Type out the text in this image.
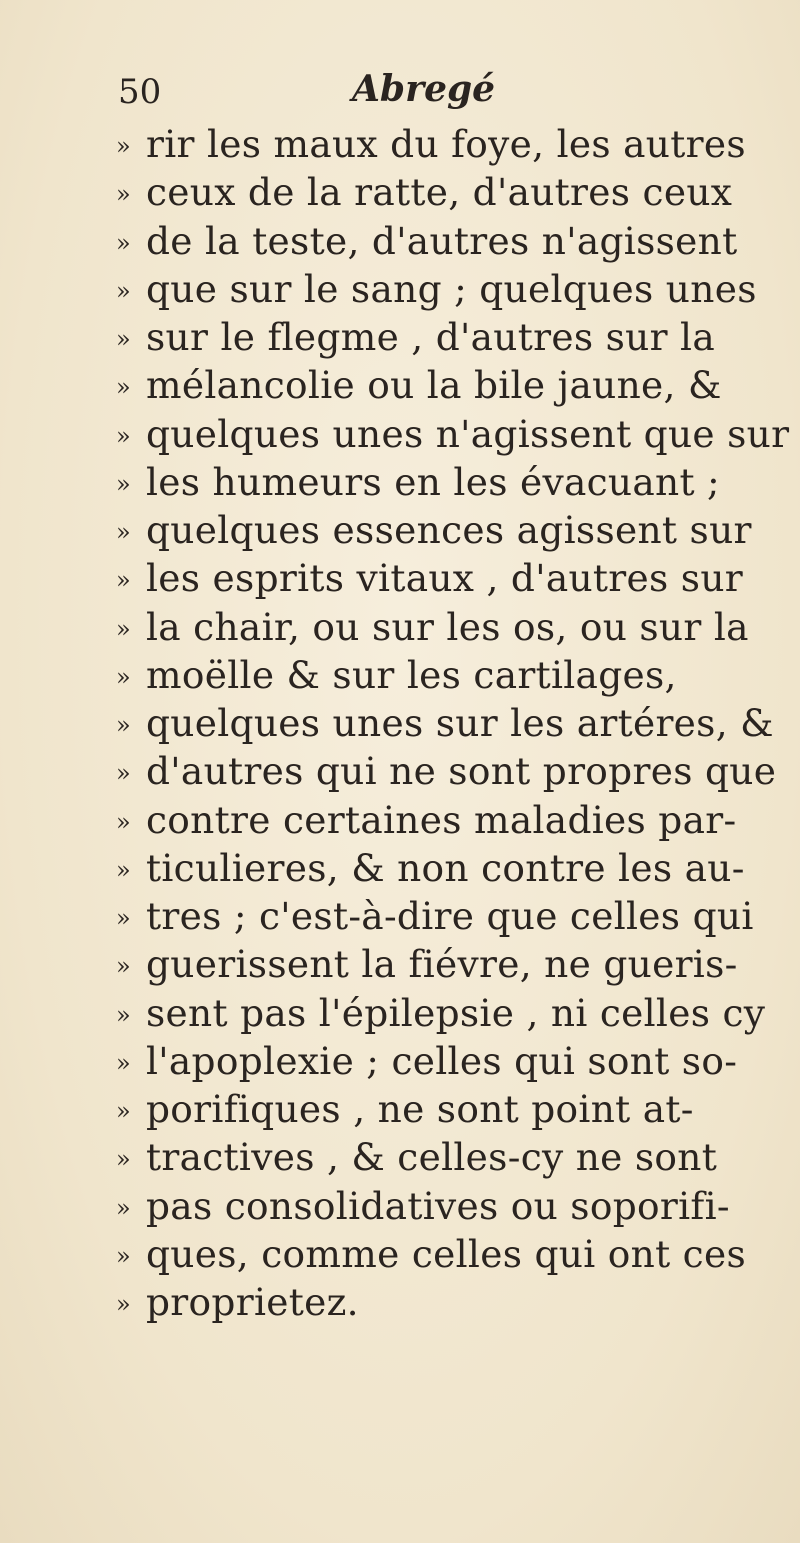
50	Abregé
» rir les maux du foye, les autres
» ceux de la ratte, d'autres ceux
» de la teste, d'autres n'agissent
» que sur le sang ; quelques unes
» sur le flegme , d'autres sur la
» mélancolie ou la bile jaune, &
» quelques unes n'agissent que sur
» les humeurs en les évacuant ;
» quelques essences agissent sur
» les esprits vitaux , d'autres sur
» la chair, ou sur les os, ou sur la
» moëlle & sur les cartilages,
» quelques unes sur les artéres, &
» d'autres qui ne sont propres que
» contre certaines maladies par-
» ticulieres, & non contre les au-
» tres ; c'est-à-dire que celles qui
» guerissent la fiévre, ne gueris-
» sent pas l'épilepsie , ni celles cy
» l'apoplexie ; celles qui sont so-
» porifiques , ne sont point at-
» tractives , & celles-cy ne sont
» pas consolidatives ou soporifi-
» ques, comme celles qui ont ces
» proprietez.
